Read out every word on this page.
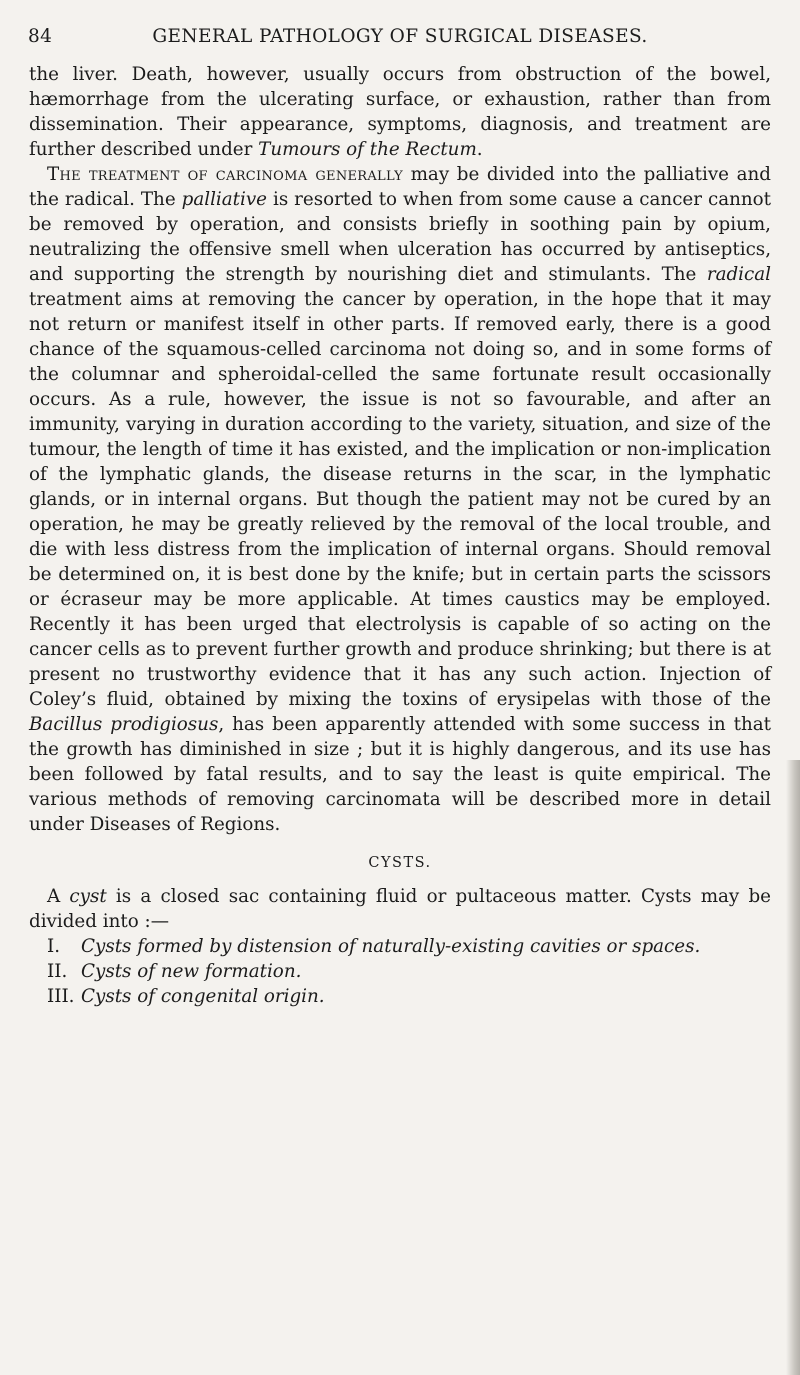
84	GENERAL PATHOLOGY OF SURGICAL DISEASES.

the liver. Death, however, usually occurs from obstruction of the bowel, hæmorrhage from the ulcerating surface, or exhaustion, rather than from dissemination. Their appearance, symptoms, diagnosis, and treatment are further described under Tumours of the Rectum.

The treatment of carcinoma generally may be divided into the palliative and the radical. The palliative is resorted to when from some cause a cancer cannot be removed by operation, and consists briefly in soothing pain by opium, neutralizing the offensive smell when ulceration has occurred by antiseptics, and supporting the strength by nourishing diet and stimulants. The radical treatment aims at removing the cancer by operation, in the hope that it may not return or manifest itself in other parts. If removed early, there is a good chance of the squamous-celled carcinoma not doing so, and in some forms of the columnar and spheroidal-celled the same fortunate result occasionally occurs. As a rule, however, the issue is not so favourable, and after an immunity, varying in duration according to the variety, situation, and size of the tumour, the length of time it has existed, and the implication or non-implication of the lymphatic glands, the disease returns in the scar, in the lymphatic glands, or in internal organs. But though the patient may not be cured by an operation, he may be greatly relieved by the removal of the local trouble, and die with less distress from the implication of internal organs. Should removal be determined on, it is best done by the knife; but in certain parts the scissors or écraseur may be more applicable. At times caustics may be employed. Recently it has been urged that electrolysis is capable of so acting on the cancer cells as to prevent further growth and produce shrinking; but there is at present no trustworthy evidence that it has any such action. Injection of Coley’s fluid, obtained by mixing the toxins of erysipelas with those of the Bacillus prodigiosus, has been apparently attended with some success in that the growth has diminished in size ; but it is highly dangerous, and its use has been followed by fatal results, and to say the least is quite empirical. The various methods of removing carcinomata will be described more in detail under Diseases of Regions.

CYSTS.

A cyst is a closed sac containing fluid or pultaceous matter. Cysts may be divided into :—

I. Cysts formed by distension of naturally-existing cavities or spaces.
II. Cysts of new formation.
III. Cysts of congenital origin.
